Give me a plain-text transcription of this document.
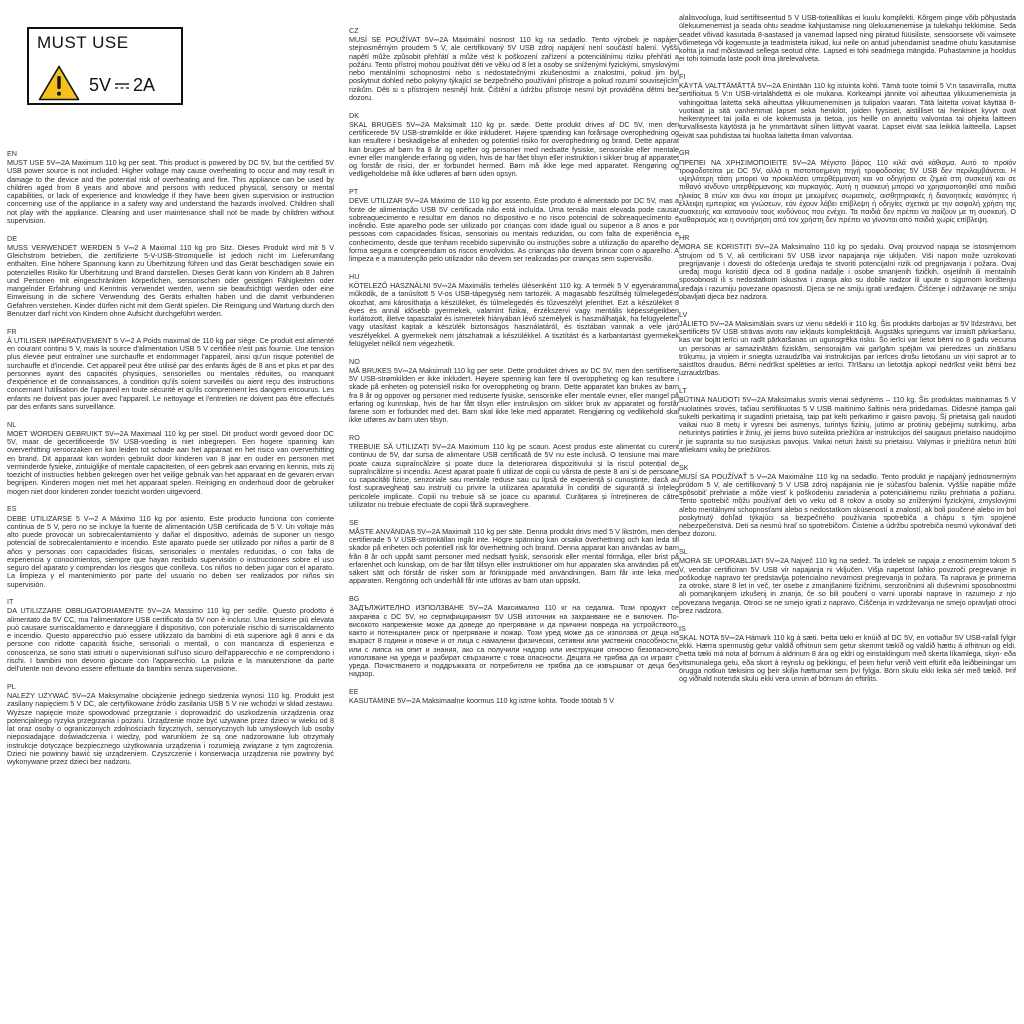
MUST USE
5V 2A
EN

MUST USE 5V⎓2A Maximum 110 kg per seat. This product is powered by DC 5V, but the certified 5V USB power source is not included. Higher voltage may cause overheating to occur and may result in damage to the device and the potential risk of overheating and fire. This appliance can be used by children aged from 8 years and above and persons with reduced physical, sensory or mental capabilities, or lack of experience and knowledge if they have been given supervision or instruction concerning use of the appliance in a safety way and understand the hazards involved. Children shall not play with the appliance. Cleaning and user maintenance shall not be made by children without supervision.

DE

MUSS VERWENDET WERDEN 5 V⎓2 A Maximal 110 kg pro Sitz. Dieses Produkt wird mit 5 V Gleichstrom betrieben, die zertifizierte 5-V-USB-Stromquelle ist jedoch nicht im Lieferumfang enthalten. Eine höhere Spannung kann zu Überhitzung führen und das Gerät beschädigen sowie ein potenzielles Risiko für Überhitzung und Brand darstellen. Dieses Gerät kann von Kindern ab 8 Jahren und Personen mit eingeschränkten körperlichen, sensorischen oder geistigen Fähigkeiten oder mangelnder Erfahrung und Kenntnis verwendet werden, wenn sie beaufsichtigt werden oder eine Einweisung in die sichere Verwendung des Geräts erhalten haben und die damit verbundenen Gefahren verstehen. Kinder dürfen nicht mit dem Gerät spielen. Die Reinigung und Wartung durch den Benutzer darf nicht von Kindern ohne Aufsicht durchgeführt werden.

FR

À UTILISER IMPÉRATIVEMENT 5 V⎓2 A Poids maximal de 110 kg par siège. Ce produit est alimenté en courant continu 5 V, mais la source d'alimentation USB 5 V certifiée n'est pas fournie. Une tension plus élevée peut entraîner une surchauffe et endommager l'appareil, ainsi qu'un risque potentiel de surchauffe et d'incendie. Cet appareil peut être utilisé par des enfants âgés de 8 ans et plus et par des personnes ayant des capacités physiques, sensorielles ou mentales réduites, ou manquant d'expérience et de connaissances, à condition qu'ils soient surveillés ou aient reçu des instructions concernant l'utilisation de l'appareil en toute sécurité et qu'ils comprennent les dangers encourus. Les enfants ne doivent pas jouer avec l'appareil. Le nettoyage et l'entretien ne doivent pas être effectués par des enfants sans surveillance.

NL

MOET WORDEN GEBRUIKT 5V⎓2A Maximaal 110 kg per stoel. Dit product wordt gevoed door DC 5V, maar de gecertificeerde 5V USB-voeding is niet inbegrepen. Een hogere spanning kan oververhitting veroorzaken en kan leiden tot schade aan het apparaat en het risico van oververhitting en brand. Dit apparaat kan worden gebruikt door kinderen van 8 jaar en ouder en personen met verminderde fysieke, zintuiglijke of mentale capaciteiten, of een gebrek aan ervaring en kennis, mits zij toezicht of instructies hebben gekregen over het veilige gebruik van het apparaat en de gevaren ervan begrijpen. Kinderen mogen niet met het apparaat spelen. Reiniging en onderhoud door de gebruiker mogen niet door kinderen zonder toezicht worden uitgevoerd.

ES

DEBE UTILIZARSE 5 V⎓2 A Máximo 110 kg por asiento. Este producto funciona con corriente continua de 5 V, pero no se incluye la fuente de alimentación USB certificada de 5 V. Un voltaje más alto puede provocar un sobrecalentamiento y dañar el dispositivo, además de suponer un riesgo potencial de sobrecalentamiento e incendio. Este aparato puede ser utilizado por niños a partir de 8 años y personas con capacidades físicas, sensoriales o mentales reducidas, o con falta de experiencia y conocimientos, siempre que hayan recibido supervisión o instrucciones sobre el uso seguro del aparato y comprendan los riesgos que conlleva. Los niños no deben jugar con el aparato. La limpieza y el mantenimiento por parte del usuario no deben ser realizados por niños sin supervisión.

IT

DA UTILIZZARE OBBLIGATORIAMENTE 5V⎓2A Massimo 110 kg per sedile. Questo prodotto è alimentato da 5V CC, ma l'alimentatore USB certificato da 5V non è incluso. Una tensione più elevata può causare surriscaldamento e danneggiare il dispositivo, con potenziale rischio di surriscaldamento e incendio. Questo apparecchio può essere utilizzato da bambini di età superiore agli 8 anni e da persone con ridotte capacità fisiche, sensoriali o mentali, o con mancanza di esperienza e conoscenza, se sono stati istruiti o supervisionati sull'uso sicuro dell'apparecchio e ne comprendono i rischi. I bambini non devono giocare con l'apparecchio. La pulizia e la manutenzione da parte dell'utente non devono essere effettuate da bambini senza supervisione.

PL

NALEŻY UŻYWAĆ 5V⎓2A Maksymalne obciążenie jednego siedzenia wynosi 110 kg. Produkt jest zasilany napięciem 5 V DC, ale certyfikowane źródło zasilania USB 5 V nie wchodzi w skład zestawu. Wyższe napięcie może spowodować przegrzanie i doprowadzić do uszkodzenia urządzenia oraz potencjalnego ryzyka przegrzania i pożaru. Urządzenie może być używane przez dzieci w wieku od 8 lat oraz osoby o ograniczonych zdolnościach fizycznych, sensorycznych lub umysłowych lub osoby nieposiadające doświadczenia i wiedzy, pod warunkiem że są one nadzorowane lub otrzymały instrukcje dotyczące bezpiecznego użytkowania urządzenia i rozumieją związane z tym zagrożenia. Dzieci nie powinny bawić się urządzeniem. Czyszczenie i konserwacja urządzenia nie powinny być wykonywane przez dzieci bez nadzoru.

CZ

MUSÍ SE POUŽÍVAT 5V⎓2A Maximální nosnost 110 kg na sedadlo. Tento výrobek je napájen stejnosměrným proudem 5 V, ale certifikovaný 5V USB zdroj napájení není součástí balení. Vyšší napětí může způsobit přehřátí a může vést k poškození zařízení a potenciálnímu riziku přehřátí a požáru. Tento přístroj mohou používat děti ve věku od 8 let a osoby se sníženými fyzickými, smyslovými nebo mentálními schopnostmi nebo s nedostatečnými zkušenostmi a znalostmi, pokud jim byl poskytnut dohled nebo pokyny týkající se bezpečného používání přístroje a pokud rozumí souvisejícím rizikům. Děti si s přístrojem nesmějí hrát. Čištění a údržbu přístroje nesmí být prováděna dětmi bez dozoru.

DK

SKAL BRUGES 5V⎓2A Maksimalt 110 kg pr. sæde. Dette produkt drives af DC 5V, men den certificerede 5V USB-strømkilde er ikke inkluderet. Højere spænding kan forårsage overophedning og kan resultere i beskadigelse af enheden og potentiel risiko for overophedning og brand. Dette apparat kan bruges af børn fra 8 år og opefter og personer med nedsatte fysiske, sensoriske eller mentale evner eller manglende erfaring og viden, hvis de har fået tilsyn eller instruktion i sikker brug af apparatet og forstår de risici, der er forbundet hermed. Børn må ikke lege med apparatet. Rengøring og vedligeholdelse må ikke udføres af børn uden opsyn.

PT

DEVE UTILIZAR 5V⎓2A Máximo de 110 kg por assento. Este produto é alimentado por DC 5V, mas a fonte de alimentação USB 5V certificada não está incluída. Uma tensão mais elevada pode causar sobreaquecimento e resultar em danos no dispositivo e no risco potencial de sobreaquecimento e incêndio. Este aparelho pode ser utilizado por crianças com idade igual ou superior a 8 anos e por pessoas com capacidades físicas, sensoriais ou mentais reduzidas, ou com falta de experiência e conhecimento, desde que tenham recebido supervisão ou instruções sobre a utilização do aparelho de forma segura e compreendam os riscos envolvidos. As crianças não devem brincar com o aparelho. A limpeza e a manutenção pelo utilizador não devem ser realizadas por crianças sem supervisão.

HU

KÖTELEZŐ HASZNÁLNI 5V⎓2A Maximális terhelés ülésenként 110 kg. A termék 5 V egyenárammal működik, de a tanúsított 5 V-os USB-tápegység nem tartozék. A magasabb feszültség túlmelegedést okozhat, ami károsíthatja a készüléket, és túlmelegedés és tűzveszélyt jelenthet. Ezt a készüléket 8 éves és annál idősebb gyermekek, valamint fizikai, érzékszervi vagy mentális képességeikben korlátozott, illetve tapasztalat és ismeretek hiányában lévő személyek is használhatják, ha felügyelettel vagy utasítást kaptak a készülék biztonságos használatáról, és tisztában vannak a vele járó veszélyekkel. A gyermekek nem játszhatnak a készülékkel. A tisztítást és a karbantartást gyermekek felügyelet nélkül nem végezhetik.

NO

MÅ BRUKES 5V⎓2A Maksimalt 110 kg per sete. Dette produktet drives av DC 5V, men den sertifiserte 5V USB-strømkilden er ikke inkludert. Høyere spenning kan føre til overoppheting og kan resultere i skade på enheten og potensiell risiko for overoppheting og brann. Dette apparatet kan brukes av barn fra 8 år og oppover og personer med reduserte fysiske, sensoriske eller mentale evner, eller mangel på erfaring og kunnskap, hvis de har fått tilsyn eller instruksjon om sikker bruk av apparatet og forstår farene som er forbundet med det. Barn skal ikke leke med apparatet. Rengjøring og vedlikehold skal ikke utføres av barn uten tilsyn.

RO

TREBUIE SĂ UTILIZAȚI 5V⎓2A Maximum 110 kg pe scaun. Acest produs este alimentat cu curent continuu de 5V, dar sursa de alimentare USB certificată de 5V nu este inclusă. O tensiune mai mare poate cauza supraîncălzire și poate duce la deteriorarea dispozitivului și la riscul potențial de supraîncălzire și incendiu. Acest aparat poate fi utilizat de copii cu vârsta de peste 8 ani și de persoane cu capacități fizice, senzoriale sau mentale reduse sau cu lipsă de experiență și cunoștințe, dacă au fost supravegheați sau instruiți cu privire la utilizarea aparatului în condiții de siguranță și înțeleg pericolele implicate. Copiii nu trebuie să se joace cu aparatul. Curățarea și întreținerea de către utilizator nu trebuie efectuate de copii fără supraveghere.

SE

MÅSTE ANVÄNDAS 5V⎓2A Maximalt 110 kg per säte. Denna produkt drivs med 5 V likström, men den certifierade 5 V USB-strömkällan ingår inte. Högre spänning kan orsaka överhettning och kan leda till skador på enheten och potentiell risk för överhettning och brand. Denna apparat kan användas av barn från 8 år och uppåt samt personer med nedsatt fysisk, sensorisk eller mental förmåga, eller brist på erfarenhet och kunskap, om de har fått tillsyn eller instruktioner om hur apparaten ska användas på ett säkert sätt och förstår de risker som är förknippade med användningen. Barn får inte leka med apparaten. Rengöring och underhåll får inte utföras av barn utan uppsikt.

BG

ЗАДЪЛЖИТЕЛНО ИЗПОЛЗВАНЕ 5V⎓2A Максимално 110 кг на седалка. Този продукт се захранва с DC 5V, но сертифицираният 5V USB източник на захранване не е включен. По-високото напрежение може да доведе до прегряване и да причини повреда на устройството, както и потенциален риск от прегряване и пожар. Този уред може да се използва от деца на възраст 8 години и повече и от лица с намалени физически, сетивни или умствени способности, или с липса на опит и знания, ако са получили надзор или инструкции относно безопасното използване на уреда и разбират свързаните с това опасности. Децата не трябва да си играят с уреда. Почистването и поддръжката от потребителя не трябва да се извършват от деца без надзор.

EE

KASUTAMINE 5V⎓2A Maksimaalne koormus 110 kg istme kohta. Toode töötab 5 V

alalisvooluga, kuid sertifitseeritud 5 V USB-toiteallikas ei kuulu komplekti. Kõrgem pinge võib põhjustada ülekuumenemist ja seada ohtu seadme kahjustamise ning ülekuumenemise ja tulekahju tekkimise. Seda seadet võivad kasutada 8-aastased ja vanemad lapsed ning piiratud füüsiliste, sensoorsete või vaimsete võimetega või kogemuste ja teadmisteta isikud, kui neile on antud juhendamist seadme ohutu kasutamise kohta ja nad mõistavad sellega seotud ohte. Lapsed ei tohi seadmega mängida. Puhastamine ja hooldus ei tohi toimuda laste poolt ilma järelevalveta.

FI

KÄYTÄ VALTTÄMÄTTÄ 5V⎓2A Enintään 110 kg istuinta kohti. Tämä tuote toimii 5 V:n tasavirralla, mutta sertifioitua 5 V:n USB-virtalähdettä ei ole mukana. Korkeampi jännite voi aiheuttaa ylikuumenemista ja vahingoittaa laitetta sekä aiheuttaa ylikuumenemisen ja tulipalon vaaran. Tätä laitetta voivat käyttää 8-vuotiaat ja sitä vanhemmat lapset sekä henkilöt, joiden fyysiset, aistilliset tai henkiset kyvyt ovat heikentyneet tai joilla ei ole kokemusta ja tietoa, jos heille on annettu valvontaa tai ohjeita laitteen turvallisesta käytöstä ja he ymmärtävät siihen liittyvät vaarat. Lapset eivät saa leikkiä laitteella. Lapset eivät saa puhdistaa tai huoltaa laitetta ilman valvontaa.

GR

ΠΡΕΠΕΙ ΝΑ ΧΡΗΣΙΜΟΠΟΙΕΙΤΕ 5V⎓2A Μέγιστο βάρος 110 κιλά ανά κάθισμα. Αυτό το προϊόν τροφοδοτείται με DC 5V, αλλά η πιστοποιημένη πηγή τροφοδοσίας 5V USB δεν περιλαμβάνεται. Η υψηλότερη τάση μπορεί να προκαλέσει υπερθέρμανση και να οδηγήσει σε ζημιά στη συσκευή και σε πιθανό κίνδυνο υπερθέρμανσης και πυρκαγιάς. Αυτή η συσκευή μπορεί να χρησιμοποιηθεί από παιδιά ηλικίας 8 ετών και άνω και άτομα με μειωμένες σωματικές, αισθητηριακές ή διανοητικές ικανότητες ή έλλειψη εμπειρίας και γνώσεων, εάν έχουν λάβει επίβλεψη ή οδηγίες σχετικά με την ασφαλή χρήση της συσκευής και κατανοούν τους κινδύνους που ενέχει. Τα παιδιά δεν πρέπει να παίζουν με τη συσκευή. Ο καθαρισμός και η συντήρηση από τον χρήστη δεν πρέπει να γίνονται από παιδιά χωρίς επίβλεψη.

HR

MORA SE KORISTITI 5V⎓2A Maksimalno 110 kg po sjedalu. Ovaj proizvod napaja se istosmjernom strujom od 5 V, ali certificirani 5V USB izvor napajanja nije uključen. Viši napon može uzrokovati pregrijavanje i dovesti do oštećenja uređaja te stvoriti potencijalni rizik od pregrijavanja i požara. Ovaj uređaj mogu koristiti djeca od 8 godina nadalje i osobe smanjenih fizičkih, osjetilnih ili mentalnih sposobnosti ili s nedostatkom iskustva i znanja ako su dobile nadzor ili upute o sigurnom korištenju uređaja i razumiju povezane opasnosti. Djeca se ne smiju igrati uređajem. Čišćenje i održavanje ne smiju obavljati djeca bez nadzora.

LV

JĀLIETO 5V⎓2A Maksimālais svars uz vienu sēdekli ir 110 kg. Šis produkts darbojas ar 5V līdzstrāvu, bet sertificēts 5V USB strāvas avots nav iekļauts komplektācijā. Augstāks spriegums var izraisīt pārkaršanu, kas var bojāt ierīci un radīt pārkaršanas un ugunsgrēka risku. Šo ierīci var lietot bērni no 8 gadu vecuma un personas ar samazinātām fiziskām, sensorajām vai garīgām spējām vai pieredzes un zināšanu trūkumu, ja viņiem ir sniegta uzraudzība vai instrukcijas par ierīces drošu lietošanu un viņi saprot ar to saistītos draudus. Bērni nedrīkst spēlēties ar ierīci. Tīrīšanu un lietotāja apkopi nedrīkst veikt bērni bez uzraudzības.

LT

BŪTINA NAUDOTI 5V⎓2A Maksimalus svoris vienai sėdynėms – 110 kg. Šis produktas maitinamas 5 V nuolatinės srovės, tačiau sertifikuotas 5 V USB maitinimo šaltinis nėra pridedamas. Didesnė įtampa gali sukelti perkaitimą ir sugadinti prietaisą, taip pat kelti perkaitimo ir gaisro pavojų. Šį prietaisą gali naudoti vaikai nuo 8 metų ir vyresni bei asmenys, turintys fizinių, jutimo ar protinių gebėjimų sutrikimų, arba neturintys patirties ir žinių, jei jiems buvo suteikta priežiūra ar instrukcijos dėl saugaus prietaiso naudojimo ir jie supranta su tuo susijusius pavojus. Vaikai neturi žaisti su prietaisu. Valymas ir priežiūra neturi būti atliekami vaikų be priežiūros.

SK

MUSÍ SA POUŽÍVAŤ 5 V⎓2A Maximálne 110 kg na sedadlo. Tento produkt je napájaný jednosmerným prúdom 5 V, ale certifikovaný 5 V USB zdroj napájania nie je súčasťou balenia. Vyššie napätie môže spôsobiť prehriatie a môže viesť k poškodeniu zariadenia a potenciálnemu riziku prehriatia a požiaru. Tento spotrebič môžu používať deti vo veku od 8 rokov a osoby so zníženými fyzickými, zmyslovými alebo mentálnymi schopnosťami alebo s nedostatkom skúseností a znalostí, ak boli poučené alebo im bol poskytnutý dohľad týkajúci sa bezpečného používania spotrebiča a chápu s tým spojené nebezpečenstvá. Deti sa nesmú hrať so spotrebičom. Čistenie a údržbu spotrebiča nesmú vykonávať deti bez dozoru.

SL

MORA SE UPORABLJATI 5V⎓2A Največ 110 kg na sedež. Ta izdelek se napaja z enosmernim tokom 5 V, vendar certificiran 5V USB vir napajanja ni vključen. Višja napetost lahko povzroči pregrevanje in poškoduje napravo ter predstavlja potencialno nevarnost pregrevanja in požara. Ta naprava je primerna za otroke, stare 8 let in več, ter osebe z zmanjšanimi fizičnimi, senzoričnimi ali duševnimi sposobnostmi ali pomanjkanjem izkušenj in znanja, če so bili poučeni o varni uporabi naprave in razumejo z njo povezana tveganja. Otroci se ne smejo igrati z napravo. Čiščenja in vzdrževanja ne smejo opravljati otroci brez nadzora.

IS

SKAL NOTA 5V⎓2A Hámark 110 kg á sæti. Þetta tæki er knúið af DC 5V, en vottaður 5V USB-rafall fylgir ekki. Hærra spennustig getur valdið ofhitnun sem getur skemmt tækið og valdið hættu á ofhitnun og eldi. Þetta tæki má nota af börnum á aldrinum 8 ára og eldri og einstaklingum með skerta líkamlega, skyn- eða vitsmunalega getu, eða skort á reynslu og þekkingu, ef þeim hefur verið veitt eftirlit eða leiðbeiningar um örugga notkun tækisins og þeir skilja hætturnar sem því fylgja. Börn skulu ekki leika sér með tækið. Þrif og viðhald notenda skulu ekki vera unnin af börnum án eftirlits.
